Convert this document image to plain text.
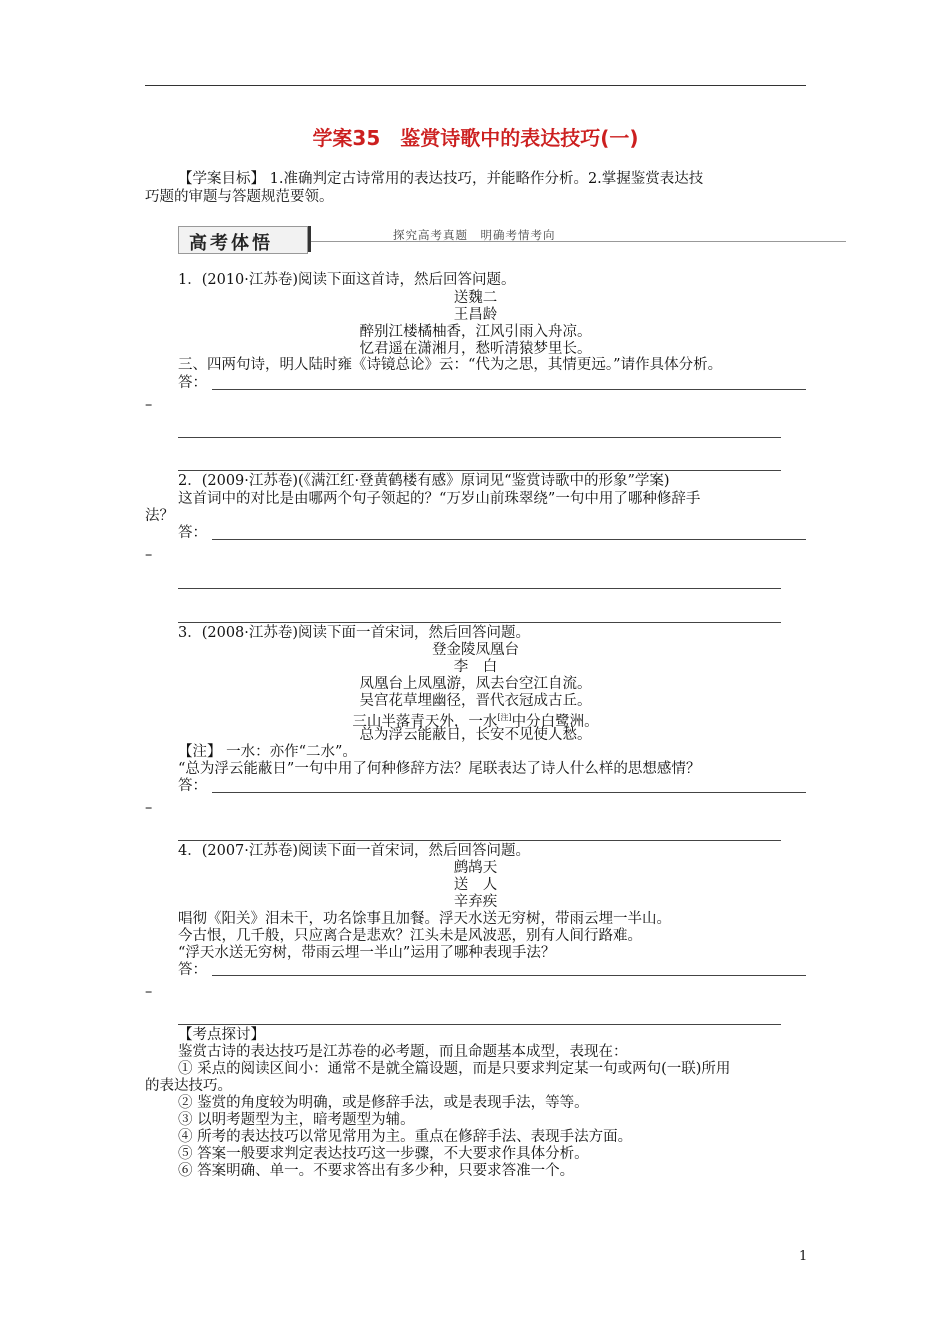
学案35　鉴赏诗歌中的表达技巧(一)
【学案目标】 1.准确判定古诗常用的表达技巧，并能略作分析。2.掌握鉴赏表达技
巧题的审题与答题规范要领。
高考体悟	探究高考真题　明确考情考向
1．(2010·江苏卷)阅读下面这首诗，然后回答问题。
送魏二
王昌龄
醉别江楼橘柚香，江风引雨入舟凉。
忆君遥在潇湘月，愁听清猿梦里长。
三、四两句诗，明人陆时雍《诗镜总论》云：“代为之思，其情更远。”请作具体分析。
答：
–
2．(2009·江苏卷)(《满江红·登黄鹤楼有感》原词见“鉴赏诗歌中的形象”学案)
这首词中的对比是由哪两个句子领起的？“万岁山前珠翠绕”一句中用了哪种修辞手
法？
答：
–
3．(2008·江苏卷)阅读下面一首宋词，然后回答问题。
登金陵凤凰台
李　白
凤凰台上凤凰游，凤去台空江自流。
吴宫花草埋幽径，晋代衣冠成古丘。
三山半落青天外，一水[注]中分白鹭洲。
总为浮云能蔽日，长安不见使人愁。
【注】 一水：亦作“二水”。
“总为浮云能蔽日”一句中用了何种修辞方法？尾联表达了诗人什么样的思想感情？
答：
–
4．(2007·江苏卷)阅读下面一首宋词，然后回答问题。
鹧鸪天
送　人
辛弃疾
唱彻《阳关》泪未干，功名馀事且加餐。浮天水送无穷树，带雨云埋一半山。
今古恨，几千般，只应离合是悲欢？江头未是风波恶，别有人间行路难。
“浮天水送无穷树，带雨云埋一半山”运用了哪种表现手法？
答：
–
【考点探讨】
鉴赏古诗的表达技巧是江苏卷的必考题，而且命题基本成型，表现在：
① 采点的阅读区间小：通常不是就全篇设题，而是只要求判定某一句或两句(一联)所用
的表达技巧。
② 鉴赏的角度较为明确，或是修辞手法，或是表现手法，等等。
③ 以明考题型为主，暗考题型为辅。
④ 所考的表达技巧以常见常用为主。重点在修辞手法、表现手法方面。
⑤ 答案一般要求判定表达技巧这一步骤，不大要求作具体分析。
⑥ 答案明确、单一。不要求答出有多少种，只要求答准一个。
1
